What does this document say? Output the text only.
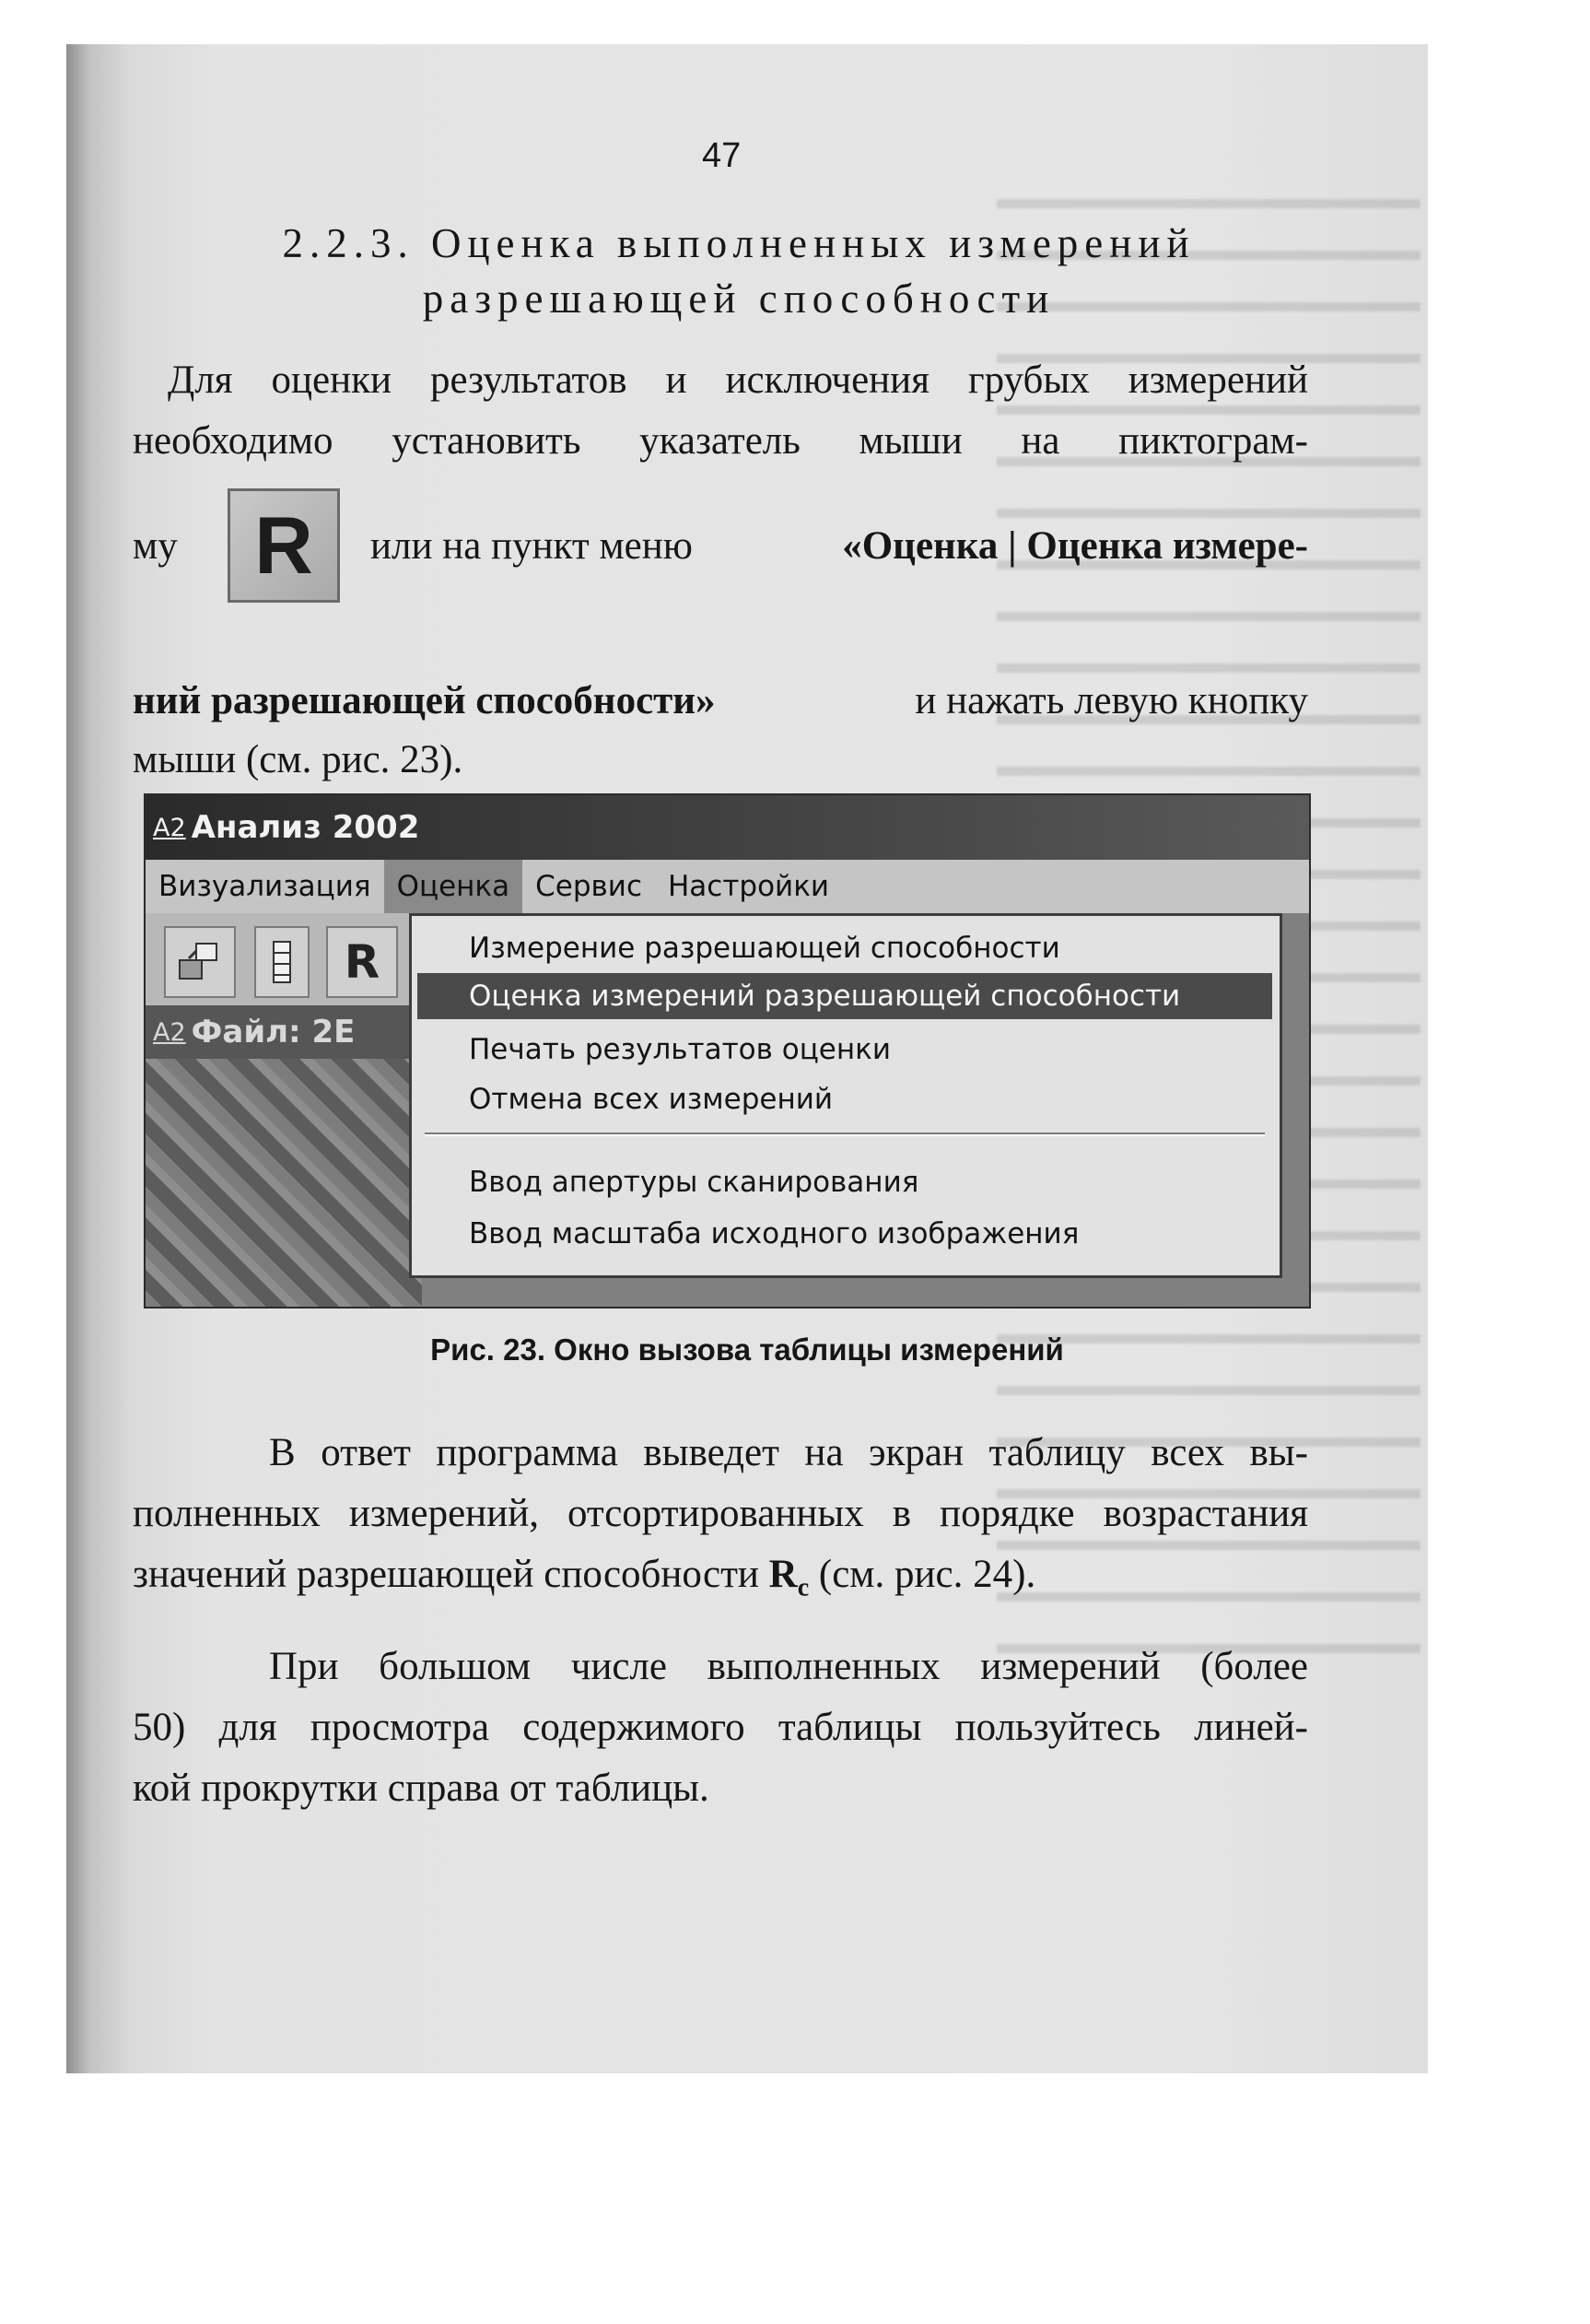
47
2.2.3. Оценка выполненных измерений
разрешающей способности
Для оценки результатов и исключения грубых измерений
необходимо установить указатель мыши на пиктограм-
му R или на пункт меню	«Оценка | Оценка измере-
ний разрешающей способности»	и нажать левую кнопку
мыши (см. рис. 23).
A2 Анализ 2002
Визуализация Оценка Сервис Настройки
R
A2 Файл: 2E
Измерение разрешающей способности
Оценка измерений разрешающей способности
Печать результатов оценки
Отмена всех измерений
Ввод апертуры сканирования
Ввод масштаба исходного изображения
Рис. 23. Окно вызова таблицы измерений
В ответ программа выведет на экран таблицу всех вы-
полненных измерений, отсортированных в порядке возрастания
значений разрешающей способности $R_c$ (см. рис. 24).
При большом числе выполненных измерений (более
50) для просмотра содержимого таблицы пользуйтесь линей-
кой прокрутки справа от таблицы.
